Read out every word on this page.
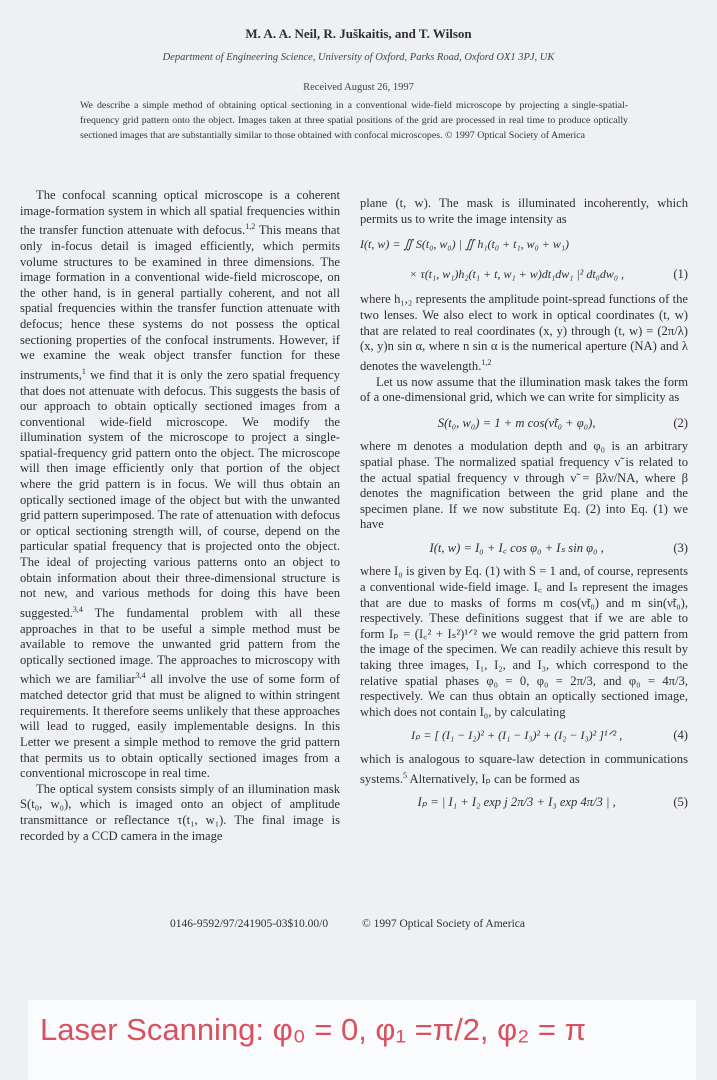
M. A. A. Neil, R. Juškaitis, and T. Wilson
Department of Engineering Science, University of Oxford, Parks Road, Oxford OX1 3PJ, UK
Received August 26, 1997
We describe a simple method of obtaining optical sectioning in a conventional wide-field microscope by projecting a single-spatial-frequency grid pattern onto the object. Images taken at three spatial positions of the grid are processed in real time to produce optically sectioned images that are substantially similar to those obtained with confocal microscopes. © 1997 Optical Society of America

The confocal scanning optical microscope is a coherent image-formation system in which all spatial frequencies within the transfer function attenuate with defocus.$^{1,2}$ This means that only in-focus detail is imaged efficiently, which permits volume structures to be examined in three dimensions. The image formation in a conventional wide-field microscope, on the other hand, is in general partially coherent, and not all spatial frequencies within the transfer function attenuate with defocus; hence these systems do not possess the optical sectioning properties of the confocal instruments. However, if we examine the weak object transfer function for these instruments,$^1$ we find that it is only the zero spatial frequency that does not attenuate with defocus. This suggests the basis of our approach to obtain optically sectioned images from a conventional wide-field microscope. We modify the illumination system of the microscope to project a single-spatial-frequency grid pattern onto the object. The microscope will then image efficiently only that portion of the object where the grid pattern is in focus. We will thus obtain an optically sectioned image of the object but with the unwanted grid pattern superimposed. The rate of attenuation with defocus or optical sectioning strength will, of course, depend on the particular spatial frequency that is projected onto the object. The ideal of projecting various patterns onto an object to obtain information about their three-dimensional structure is not new, and various methods for doing this have been suggested.$^{3,4}$ The fundamental problem with all these approaches in that to be useful a simple method must be available to remove the unwanted grid pattern from the optically sectioned image. The approaches to microscopy with which we are familiar$^{3,4}$ all involve the use of some form of matched detector grid that must be aligned to within stringent requirements. It therefore seems unlikely that these approaches will lead to rugged, easily implementable designs. In this Letter we present a simple method to remove the grid pattern that permits us to obtain optically sectioned images from a conventional microscope in real time.

The optical system consists simply of an illumination mask S(t₀, w₀), which is imaged onto an object of amplitude transmittance or reflectance τ(t₁, w₁). The final image is recorded by a CCD camera in the image

plane (t, w). The mask is illuminated incoherently, which permits us to write the image intensity as

I(t, w) = ∬ S(t₀, w₀) | ∬ h₁(t₀ + t₁, w₀ + w₁)
× τ(t₁, w₁)h₂(t₁ + t, w₁ + w)dt₁dw₁ |² dt₀dw₀ ,	(1)

where h₁,₂ represents the amplitude point-spread functions of the two lenses. We also elect to work in optical coordinates (t, w) that are related to real coordinates (x, y) through (t, w) = (2π/λ)(x, y)n sin α, where n sin α is the numerical aperture (NA) and λ denotes the wavelength.$^{1,2}$

Let us now assume that the illumination mask takes the form of a one-dimensional grid, which we can write for simplicity as

S(t₀, w₀) = 1 + m cos(ν̃t₀ + φ₀),	(2)

where m denotes a modulation depth and φ₀ is an arbitrary spatial phase. The normalized spatial frequency ν̃ is related to the actual spatial frequency ν through ν̃ = βλν/NA, where β denotes the magnification between the grid plane and the specimen plane. If we now substitute Eq. (2) into Eq. (1) we have

I(t, w) = I₀ + I꜀ cos φ₀ + Iₛ sin φ₀ ,	(3)

where I₀ is given by Eq. (1) with S = 1 and, of course, represents a conventional wide-field image. I꜀ and Iₛ represent the images that are due to masks of forms m cos(ν̃t₀) and m sin(ν̃t₀), respectively. These definitions suggest that if we are able to form Iₚ = (I꜀² + Iₛ²)¹ᐟ² we would remove the grid pattern from the image of the specimen. We can readily achieve this result by taking three images, I₁, I₂, and I₃, which correspond to the relative spatial phases φ₀ = 0, φ₀ = 2π/3, and φ₀ = 4π/3, respectively. We can thus obtain an optically sectioned image, which does not contain I₀, by calculating

Iₚ = [ (I₁ − I₂)² + (I₁ − I₃)² + (I₂ − I₃)² ]¹ᐟ² ,	(4)

which is analogous to square-law detection in communications systems.$^5$ Alternatively, Iₚ can be formed as

Iₚ = | I₁ + I₂ exp j 2π/3 + I₃ exp 4π/3 | ,	(5)
0146-9592/97/241905-03$10.00/0	© 1997 Optical Society of America
Laser Scanning: φ₀ = 0, φ₁ =π/2, φ₂ = π
